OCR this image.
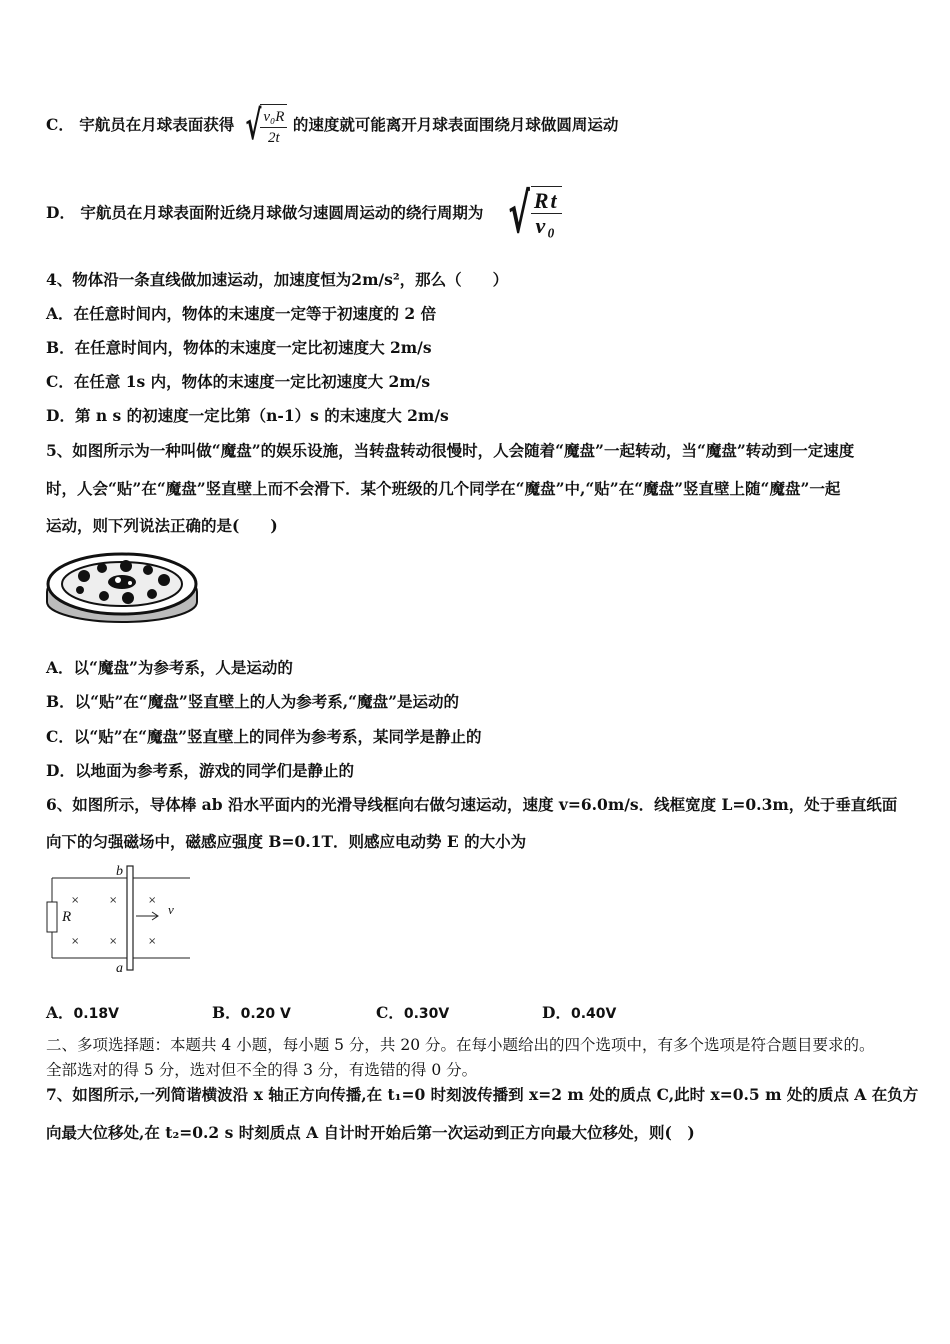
C． 宇航员在月球表面获得 √ $\frac{\text{v₀R}}{2t}$ 的速度就可能离开月球表面围绕月球做圆周运动
D． 宇航员在月球表面附近绕月球做匀速圆周运动的绕行周期为 √ $\frac{Rt}{\text{v₀}}$
4、物体沿一条直线做加速运动，加速度恒为2m/s²，那么（　　）
A．在任意时间内，物体的末速度一定等于初速度的 2 倍
B．在任意时间内，物体的末速度一定比初速度大 2m/s
C．在任意 1s 内，物体的末速度一定比初速度大 2m/s
D．第 n s 的初速度一定比第（n-1）s 的末速度大 2m/s
5、如图所示为一种叫做“魔盘”的娱乐设施，当转盘转动很慢时，人会随着“魔盘”一起转动，当“魔盘”转动到一定速度
时，人会“贴”在“魔盘”竖直壁上而不会滑下．某个班级的几个同学在“魔盘”中,“贴”在“魔盘”竖直壁上随“魔盘”一起
运动，则下列说法正确的是(　　)
A．以“魔盘”为参考系，人是运动的
B．以“贴”在“魔盘”竖直壁上的人为参考系,“魔盘”是运动的
C．以“贴”在“魔盘”竖直壁上的同伴为参考系，某同学是静止的
D．以地面为参考系，游戏的同学们是静止的
6、如图所示，导体棒 ab 沿水平面内的光滑导线框向右做匀速运动，速度 v=6.0m/s．线框宽度 L=0.3m，处于垂直纸面
向下的匀强磁场中，磁感应强度 B=0.1T．则感应电动势 E 的大小为
R
b
a
v
×	×	×
×	×	×
A．0.18V	B．0.20 V	C．0.30V	D．0.40V
二、多项选择题：本题共 4 小题，每小题 5 分，共 20 分。在每小题给出的四个选项中，有多个选项是符合题目要求的。
全部选对的得 5 分，选对但不全的得 3 分，有选错的得 0 分。
7、如图所示,一列简谐横波沿 x 轴正方向传播,在 t₁=0 时刻波传播到 x=2 m 处的质点 C,此时 x=0.5 m 处的质点 A 在负方
向最大位移处,在 t₂=0.2 s 时刻质点 A 自计时开始后第一次运动到正方向最大位移处，则(　)
